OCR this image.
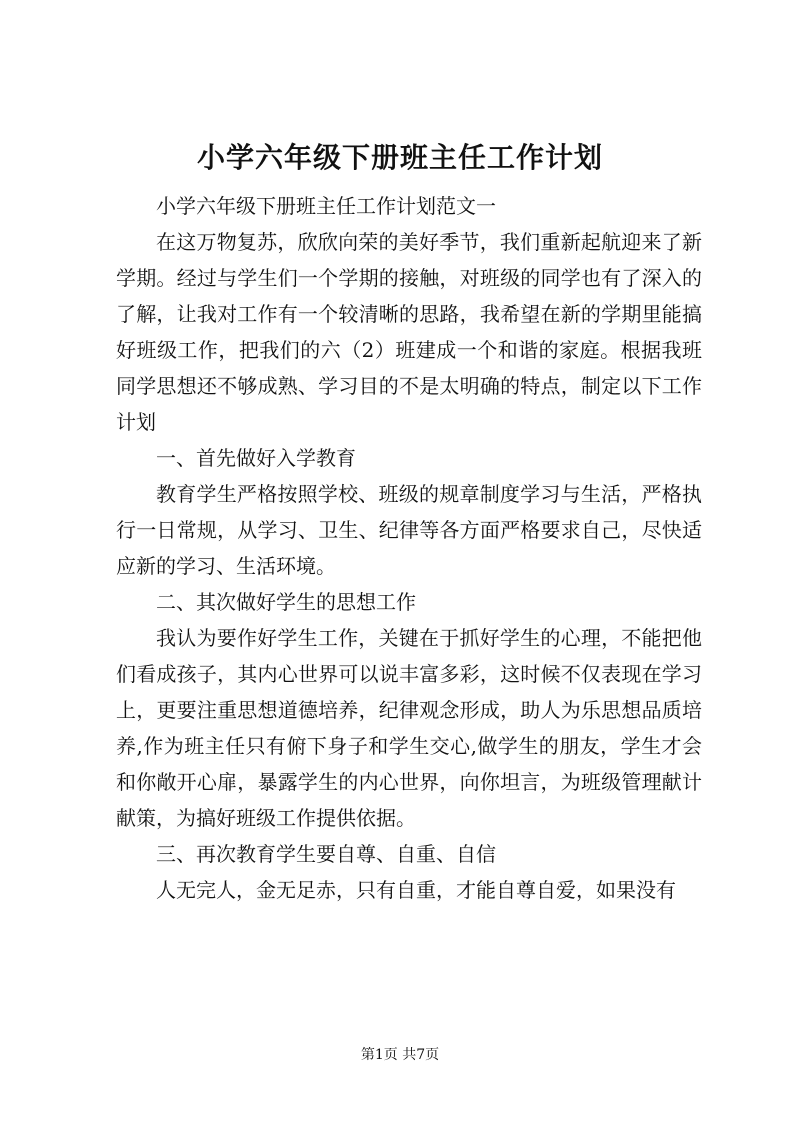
小学六年级下册班主任工作计划

小学六年级下册班主任工作计划范文一

在这万物复苏，欣欣向荣的美好季节，我们重新起航迎来了新学期。经过与学生们一个学期的接触，对班级的同学也有了深入的了解，让我对工作有一个较清晰的思路，我希望在新的学期里能搞好班级工作，把我们的六（2）班建成一个和谐的家庭。根据我班同学思想还不够成熟、学习目的不是太明确的特点，制定以下工作计划

一、首先做好入学教育

教育学生严格按照学校、班级的规章制度学习与生活，严格执行一日常规，从学习、卫生、纪律等各方面严格要求自己，尽快适应新的学习、生活环境。

二、其次做好学生的思想工作

我认为要作好学生工作，关键在于抓好学生的心理，不能把他们看成孩子，其内心世界可以说丰富多彩，这时候不仅表现在学习上，更要注重思想道德培养，纪律观念形成，助人为乐思想品质培养,作为班主任只有俯下身子和学生交心,做学生的朋友，学生才会和你敞开心扉，暴露学生的内心世界，向你坦言，为班级管理献计献策，为搞好班级工作提供依据。

三、再次教育学生要自尊、自重、自信

人无完人，金无足赤，只有自重，才能自尊自爱，如果没有

第1页 共7页
